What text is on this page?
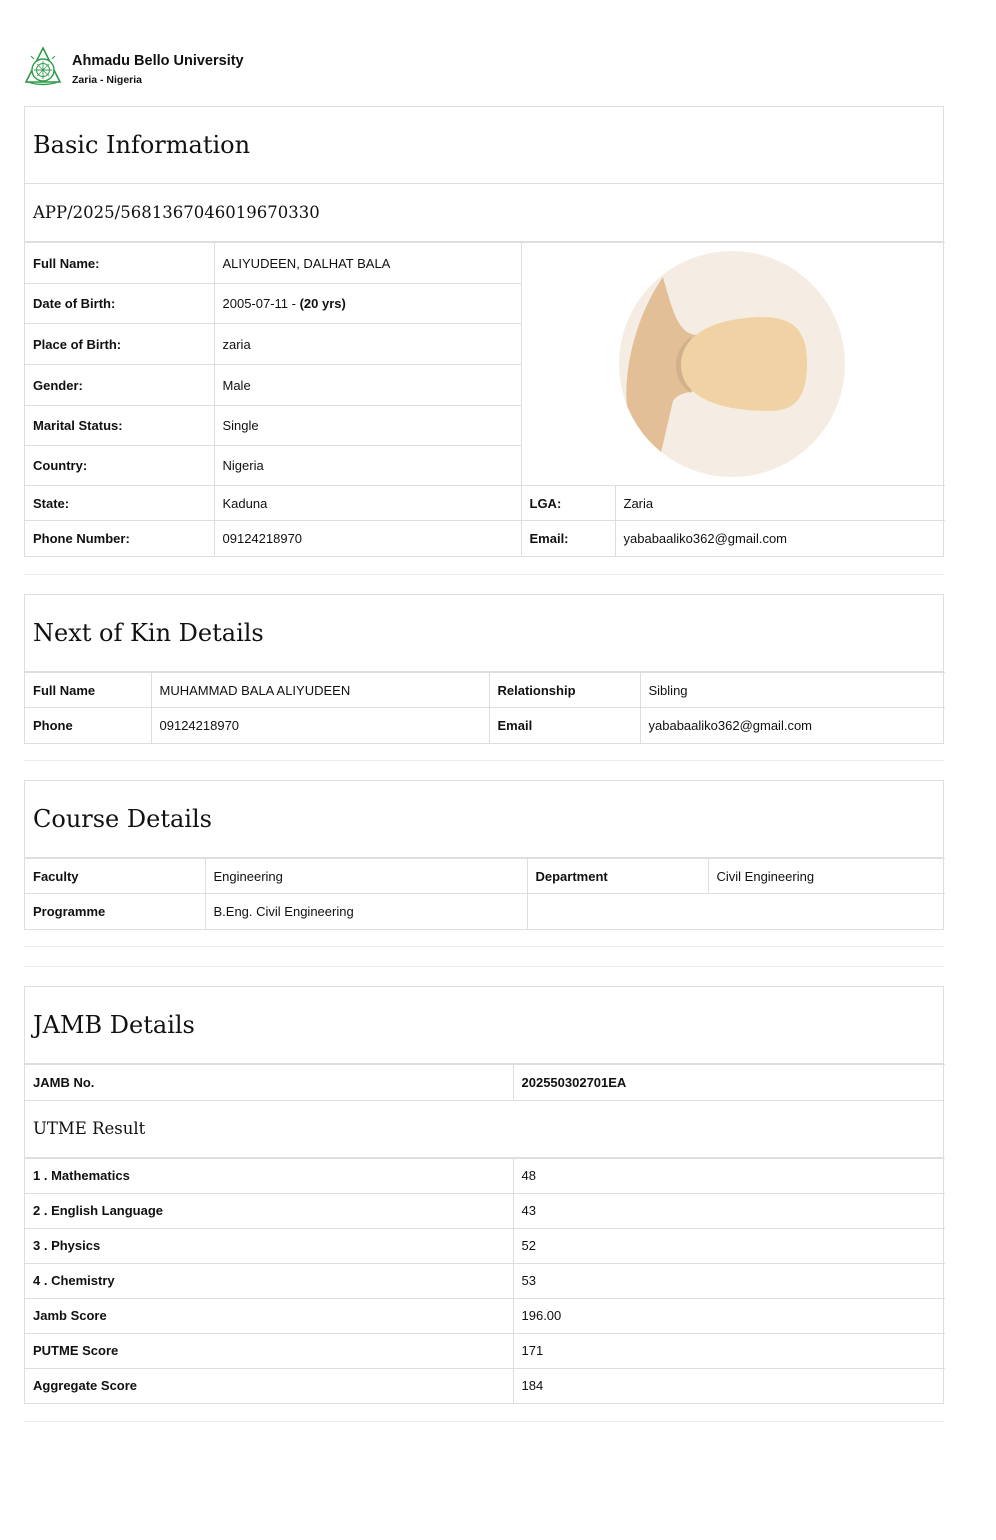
Ahmadu Bello University
Zaria - Nigeria
Basic Information
APP/2025/5681367046019670330
Full Name:	ALIYUDEEN, DALHAT BALA	

Date of Birth:	2005-07-11 - (20 yrs)		
Place of Birth:	zaria		
Gender:	Male		
Marital Status:	Single		
Country:	Nigeria		
State:	Kaduna	LGA:	Zaria
Phone Number:	09124218970	Email:	yababaaliko362@gmail.com
Next of Kin Details
Full Name	MUHAMMAD BALA ALIYUDEEN	Relationship	Sibling
Phone	09124218970	Email	yababaaliko362@gmail.com
Course Details
Faculty	Engineering	Department	Civil Engineering
Programme	B.Eng. Civil Engineering		
JAMB Details
JAMB No.	202550302701EA
UTME Result
1 . Mathematics	48
2 . English Language	43
3 . Physics	52
4 . Chemistry	53
Jamb Score	196.00
PUTME Score	171
Aggregate Score	184
